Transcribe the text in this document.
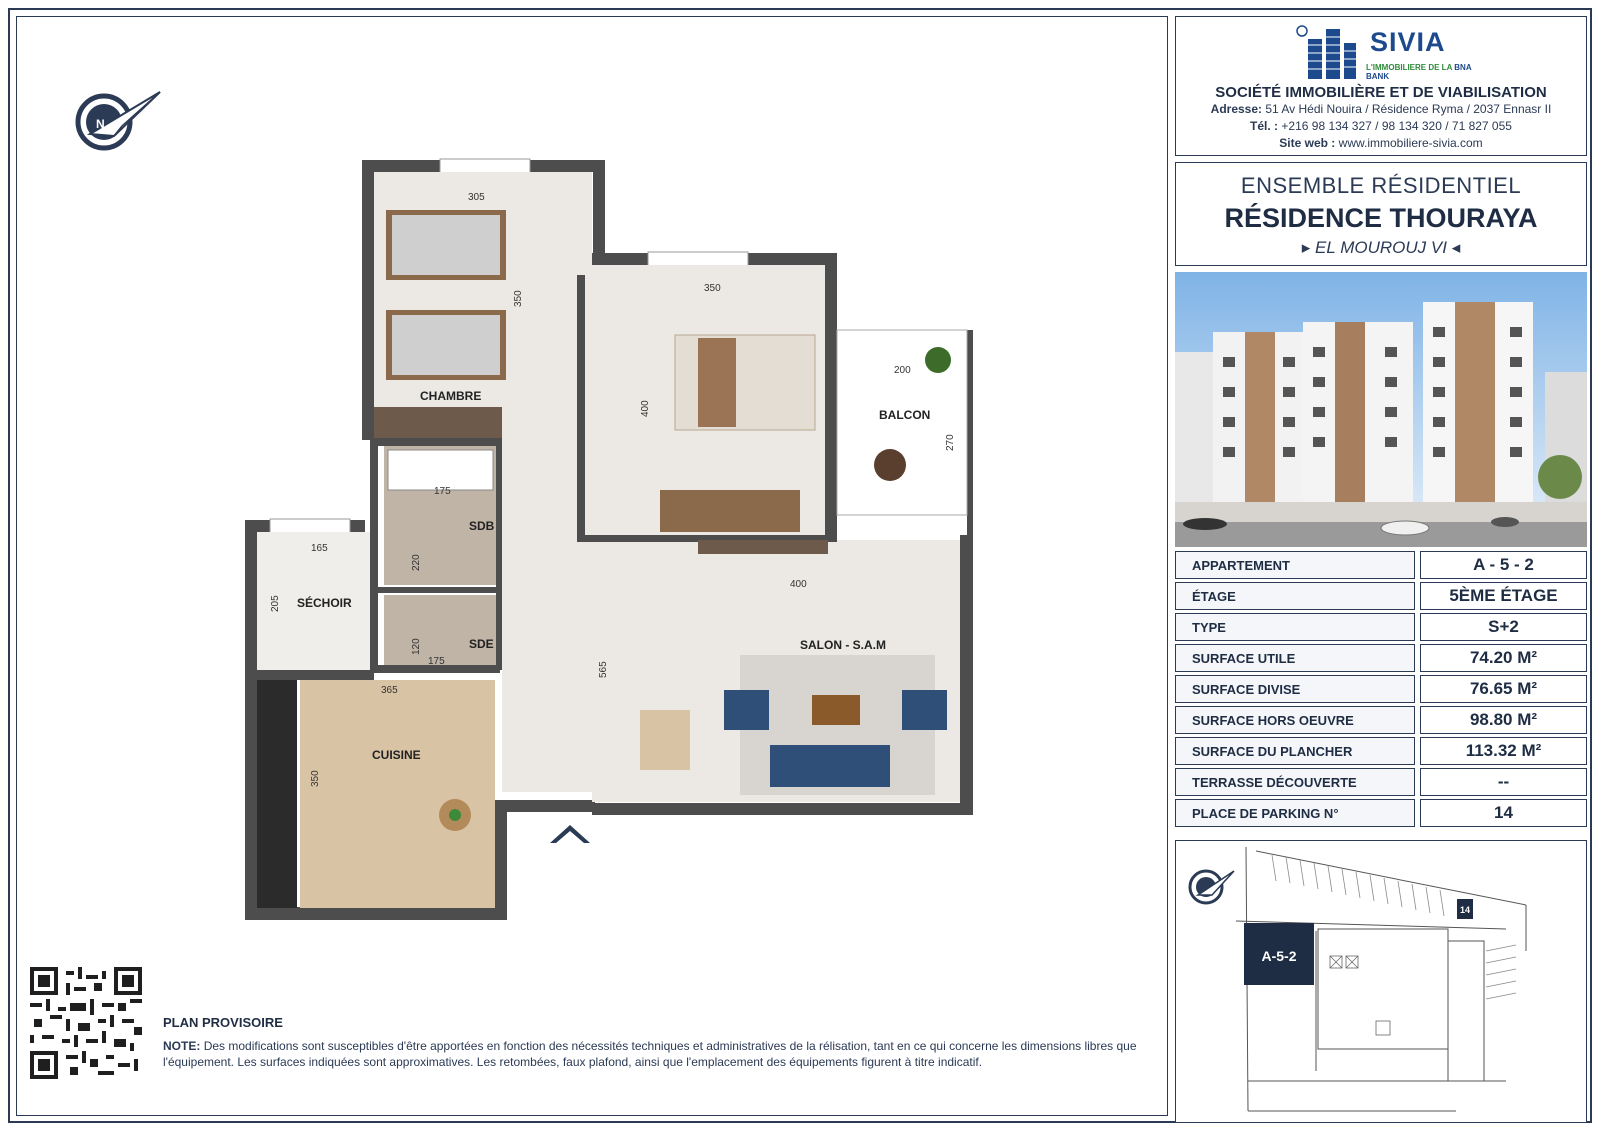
N
CHAMBRE
SDB
SDE
SÉCHOIR
CUISINE
BALCON
SALON - S.A.M
305
350
350
400
200
270
175
220
175
120
165
205
365
350
400
565
PLAN PROVISOIRE
NOTE: Des modifications sont susceptibles d'être apportées en fonction des nécessités techniques et administratives de la rélisation, tant en ce qui concerne les dimensions libres que l'équipement. Les surfaces indiquées sont approximatives. Les retombées, faux plafond, ainsi que l'emplacement des équipements figurent à titre indicatif.
SIVIA
L'IMMOBILIERE DE LA BNA BANK
SOCIÉTÉ IMMOBILIÈRE ET DE VIABILISATION
Adresse: 51 Av Hédi Nouira / Résidence Ryma / 2037 Ennasr II
Tél. : +216 98 134 327 / 98 134 320 / 71 827 055
Site web : www.immobiliere-sivia.com
ENSEMBLE RÉSIDENTIEL
RÉSIDENCE THOURAYA
▸ EL MOUROUJ VI ◂
APPARTEMENT	A - 5 - 2
ÉTAGE	5ÈME ÉTAGE
TYPE	S+2
SURFACE UTILE	74.20 M²
SURFACE DIVISE	76.65 M²
SURFACE HORS OEUVRE	98.80 M²
SURFACE DU PLANCHER	113.32 M²
TERRASSE DÉCOUVERTE	--
PLACE DE PARKING N°	14
A-5-2
14
